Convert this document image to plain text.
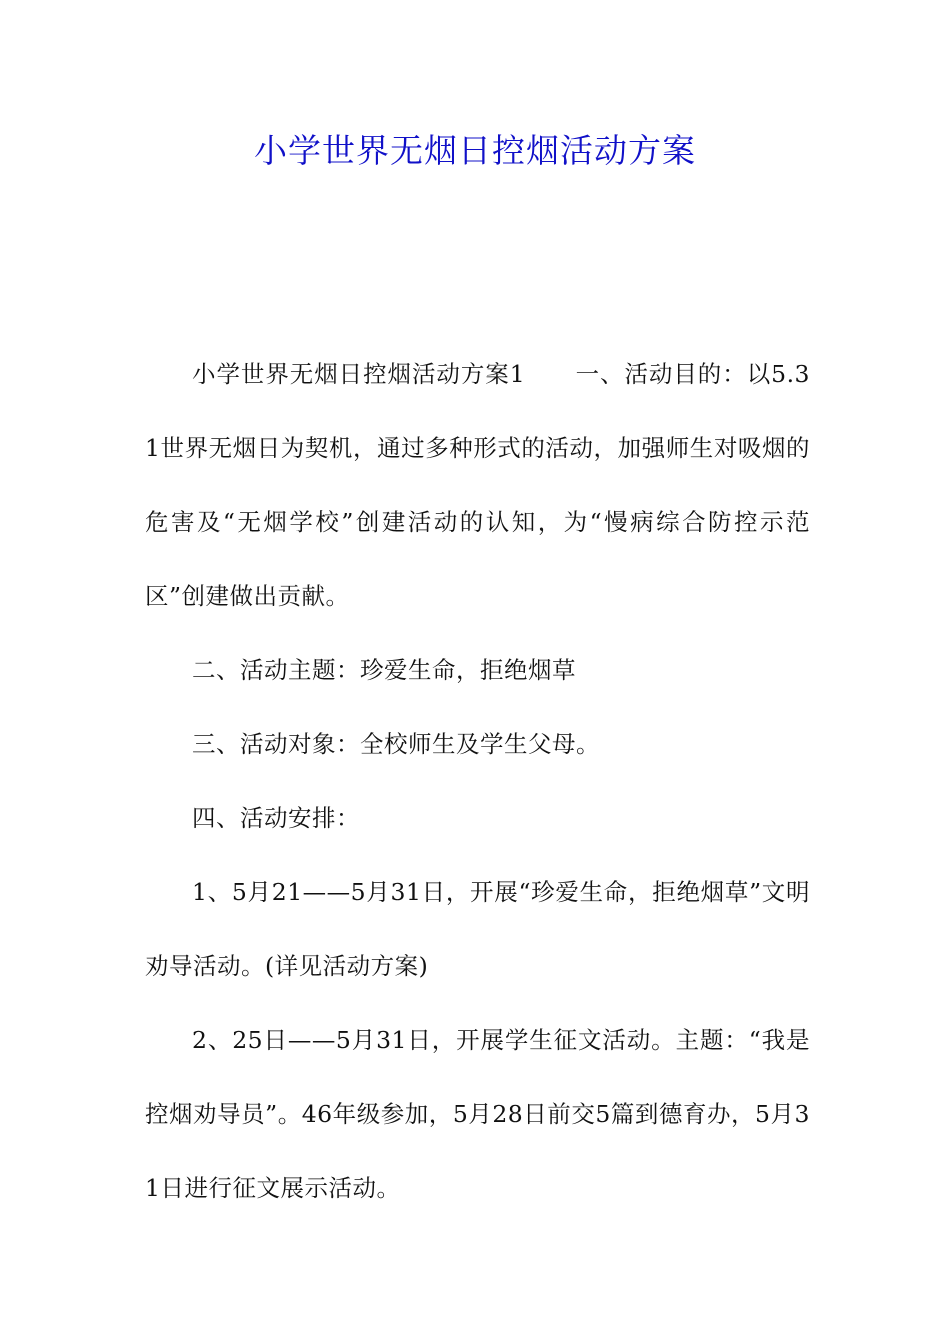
小学世界无烟日控烟活动方案

小学世界无烟日控烟活动方案1 一、活动目的：以5.31世界无烟日为契机，通过多种形式的活动，加强师生对吸烟的危害及“无烟学校”创建活动的认知，为“慢病综合防控示范区”创建做出贡献。

二、活动主题：珍爱生命，拒绝烟草

三、活动对象：全校师生及学生父母。

四、活动安排：

1、5月21——5月31日，开展“珍爱生命，拒绝烟草”文明劝导活动。(详见活动方案)

2、25日——5月31日，开展学生征文活动。主题：“我是控烟劝导员”。46年级参加，5月28日前交5篇到德育办，5月31日进行征文展示活动。
